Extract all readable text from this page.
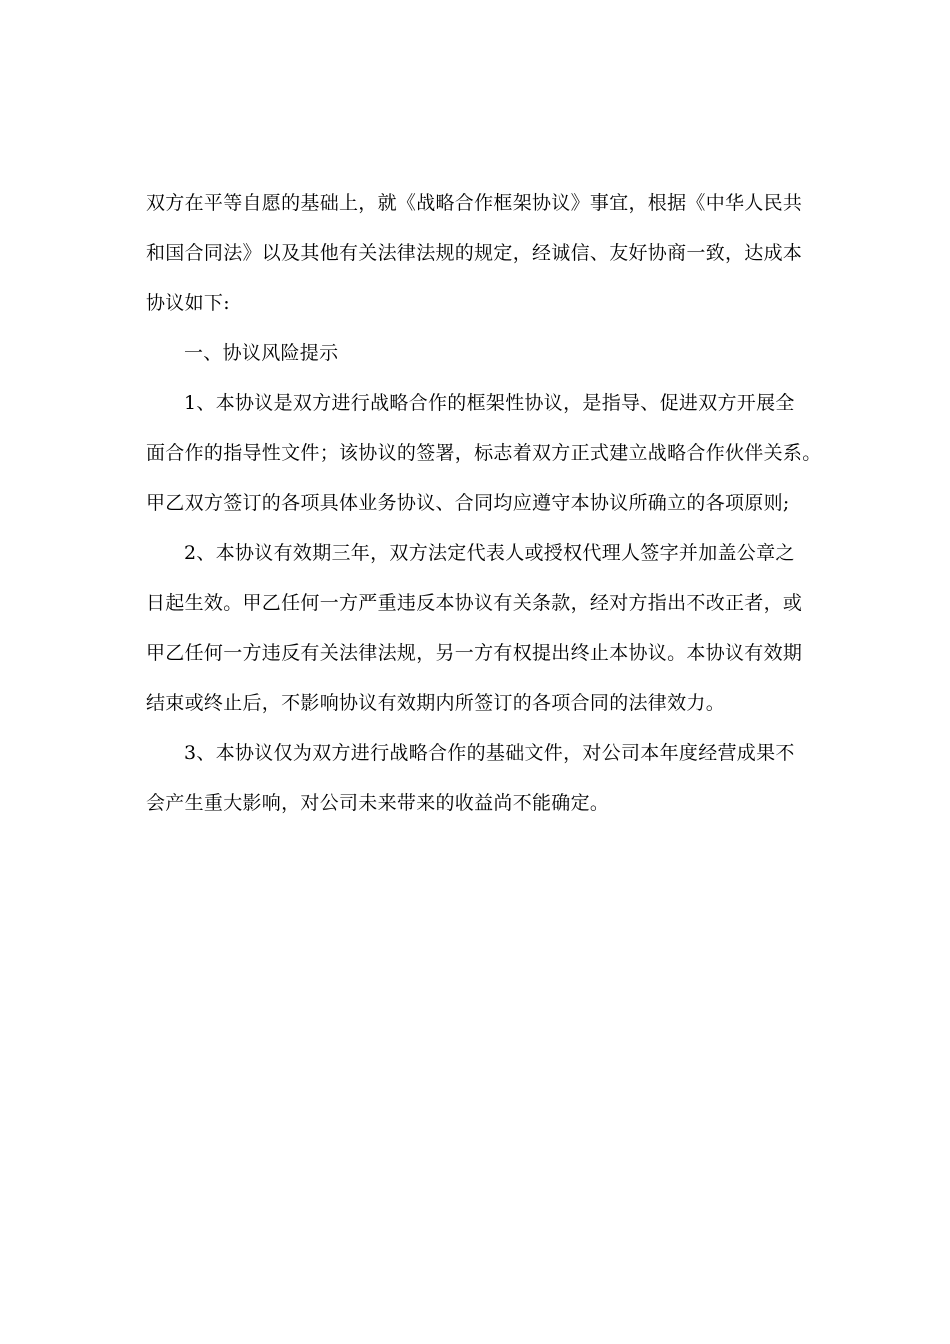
双方在平等自愿的基础上，就《战略合作框架协议》事宜，根据《中华人民共
和国合同法》以及其他有关法律法规的规定，经诚信、友好协商一致，达成本
协议如下:
一、协议风险提示
1、本协议是双方进行战略合作的框架性协议，是指导、促进双方开展全
面合作的指导性文件；该协议的签署，标志着双方正式建立战略合作伙伴关系。
甲乙双方签订的各项具体业务协议、合同均应遵守本协议所确立的各项原则;
2、本协议有效期三年，双方法定代表人或授权代理人签字并加盖公章之
日起生效。甲乙任何一方严重违反本协议有关条款，经对方指出不改正者，或
甲乙任何一方违反有关法律法规，另一方有权提出终止本协议。本协议有效期
结束或终止后，不影响协议有效期内所签订的各项合同的法律效力。
3、本协议仅为双方进行战略合作的基础文件，对公司本年度经营成果不
会产生重大影响，对公司未来带来的收益尚不能确定。
